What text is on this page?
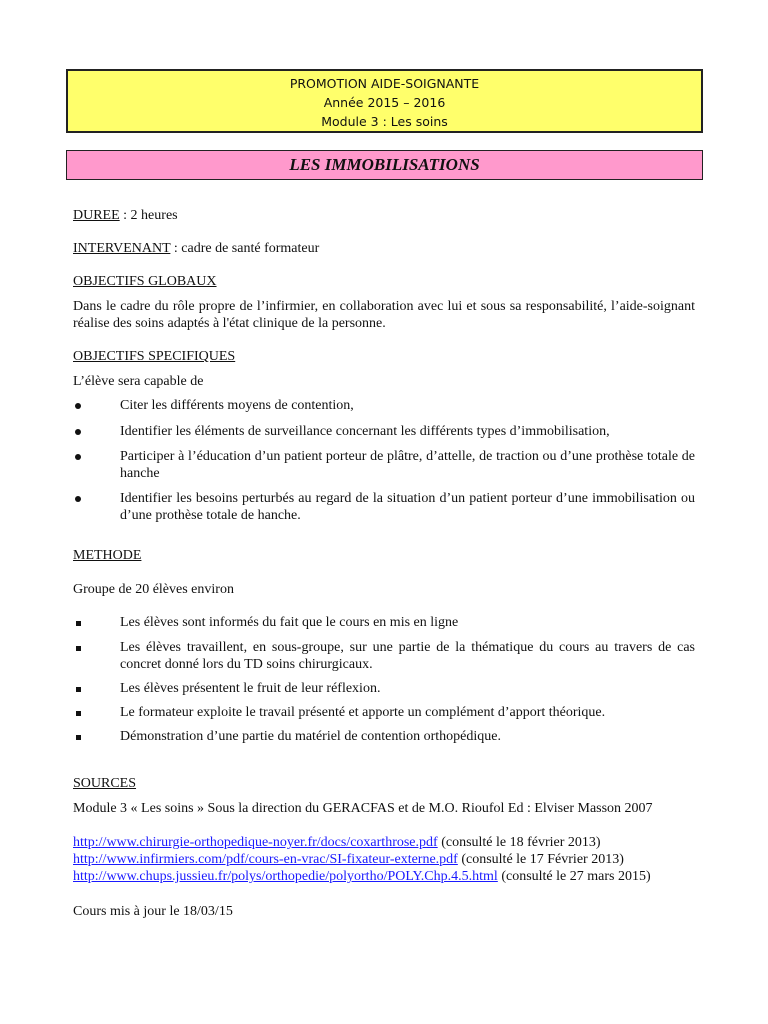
PROMOTION AIDE-SOIGNANTE
Année 2015 – 2016
Module 3 : Les soins
LES IMMOBILISATIONS

DUREE : 2 heures

INTERVENANT : cadre de santé formateur

OBJECTIFS GLOBAUX

Dans le cadre du rôle propre de l’infirmier, en collaboration avec lui et sous sa responsabilité, l’aide-soignant réalise des soins adaptés à l'état clinique de la personne.

OBJECTIFS SPECIFIQUES

L’élève sera capable de

Citer les différents moyens de contention,
Identifier les éléments de surveillance concernant les différents types d’immobilisation,
Participer à l’éducation d’un patient porteur de plâtre, d’attelle, de traction ou d’une prothèse totale de hanche
Identifier les besoins perturbés au regard de la situation d’un patient porteur d’une immobilisation ou d’une prothèse totale de hanche.

METHODE

Groupe de 20 élèves environ

Les élèves sont informés du fait que le cours en mis en ligne
Les élèves travaillent, en sous-groupe, sur une partie de la thématique du cours au travers de cas concret donné lors du TD soins chirurgicaux.
Les élèves présentent le fruit de leur réflexion.
Le formateur exploite le travail présenté et apporte un complément d’apport théorique.
Démonstration d’une partie du matériel de contention orthopédique.

SOURCES

Module 3 « Les soins » Sous la direction du GERACFAS et de M.O. Rioufol Ed : Elviser Masson 2007

http://www.chirurgie-orthopedique-noyer.fr/docs/coxarthrose.pdf (consulté le 18 février 2013)

http://www.infirmiers.com/pdf/cours-en-vrac/SI-fixateur-externe.pdf (consulté le 17 Février 2013)

http://www.chups.jussieu.fr/polys/orthopedie/polyortho/POLY.Chp.4.5.html (consulté le 27 mars 2015)

Cours mis à jour le 18/03/15
